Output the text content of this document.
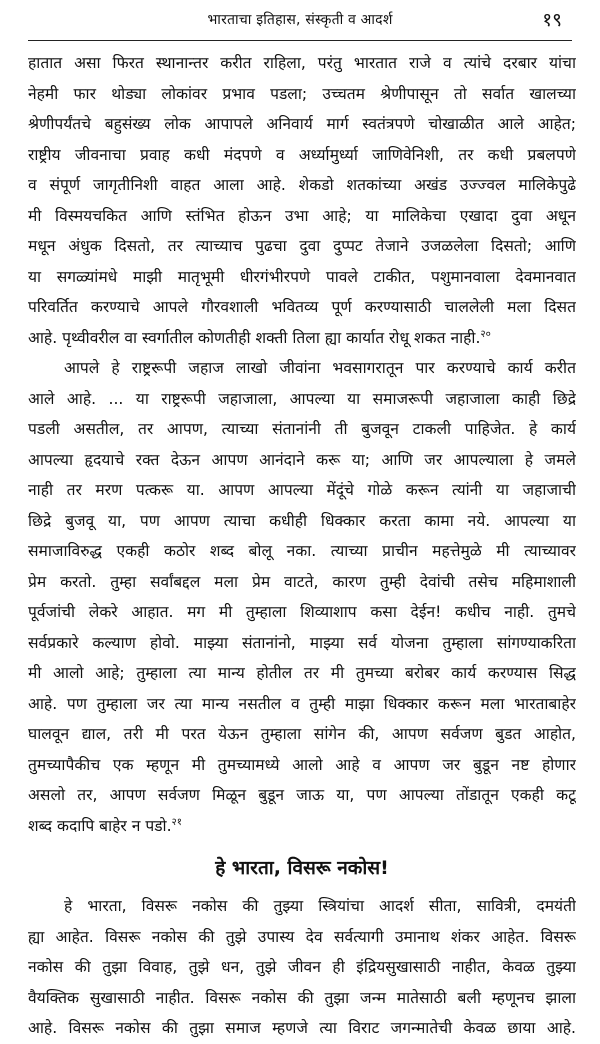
भारताचा इतिहास, संस्कृती व आदर्श	१९

हातात असा फिरत स्थानान्तर करीत राहिला, परंतु भारतात राजे व त्यांचे दरबार यांचा
नेहमी फार थोड्या लोकांवर प्रभाव पडला; उच्चतम श्रेणीपासून तो सर्वात खालच्या
श्रेणीपर्यंतचे बहुसंख्य लोक आपापले अनिवार्य मार्ग स्वतंत्रपणे चोखाळीत आले आहेत;
राष्ट्रीय जीवनाचा प्रवाह कधी मंदपणे व अर्ध्यामुर्ध्या जाणिवेनिशी, तर कधी प्रबलपणे
व संपूर्ण जागृतीनिशी वाहत आला आहे. शेकडो शतकांच्या अखंड उज्ज्वल मालिकेपुढे
मी विस्मयचकित आणि स्तंभित होऊन उभा आहे; या मालिकेचा एखादा दुवा अधून
मधून अंधुक दिसतो, तर त्याच्याच पुढचा दुवा दुप्पट तेजाने उजळलेला दिसतो; आणि
या सगळ्यांमधे माझी मातृभूमी धीरगंभीरपणे पावले टाकीत, पशुमानवाला देवमानवात
परिवर्तित करण्याचे आपले गौरवशाली भवितव्य पूर्ण करण्यासाठी चाललेली मला दिसत
आहे. पृथ्वीवरील वा स्वर्गातील कोणतीही शक्ती तिला ह्या कार्यात रोधू शकत नाही.$^{२०}$

आपले हे राष्ट्ररूपी जहाज लाखो जीवांना भवसागरातून पार करण्याचे कार्य करीत
आले आहे. ... या राष्ट्ररूपी जहाजाला, आपल्या या समाजरूपी जहाजाला काही छिद्रे
पडली असतील, तर आपण, त्याच्या संतानांनी ती बुजवून टाकली पाहिजेत. हे कार्य
आपल्या हृदयाचे रक्त देऊन आपण आनंदाने करू या; आणि जर आपल्याला हे जमले
नाही तर मरण पत्करू या. आपण आपल्या मेंदूंचे गोळे करून त्यांनी या जहाजाची
छिद्रे बुजवू या, पण आपण त्याचा कधीही धिक्कार करता कामा नये. आपल्या या
समाजाविरुद्ध एकही कठोर शब्द बोलू नका. त्याच्या प्राचीन महत्तेमुळे मी त्याच्यावर
प्रेम करतो. तुम्हा सर्वांबद्दल मला प्रेम वाटते, कारण तुम्ही देवांची तसेच महिमाशाली
पूर्वजांची लेकरे आहात. मग मी तुम्हाला शिव्याशाप कसा देईन! कधीच नाही. तुमचे
सर्वप्रकारे कल्याण होवो. माझ्या संतानांनो, माझ्या सर्व योजना तुम्हाला सांगण्याकरिता
मी आलो आहे; तुम्हाला त्या मान्य होतील तर मी तुमच्या बरोबर कार्य करण्यास सिद्ध
आहे. पण तुम्हाला जर त्या मान्य नसतील व तुम्ही माझा धिक्कार करून मला भारताबाहेर
घालवून द्याल, तरी मी परत येऊन तुम्हाला सांगेन की, आपण सर्वजण बुडत आहोत,
तुमच्यापैकीच एक म्हणून मी तुमच्यामध्ये आलो आहे व आपण जर बुडून नष्ट होणार
असलो तर, आपण सर्वजण मिळून बुडून जाऊ या, पण आपल्या तोंडातून एकही कटू
शब्द कदापि बाहेर न पडो.$^{२१}$

हे भारता, विसरू नकोस!

हे भारता, विसरू नकोस की तुझ्या स्त्रियांचा आदर्श सीता, सावित्री, दमयंती
ह्या आहेत. विसरू नकोस की तुझे उपास्य देव सर्वत्यागी उमानाथ शंकर आहेत. विसरू
नकोस की तुझा विवाह, तुझे धन, तुझे जीवन ही इंद्रियसुखासाठी नाहीत, केवळ तुझ्या
वैयक्तिक सुखासाठी नाहीत. विसरू नकोस की तुझा जन्म मातेसाठी बली म्हणूनच झाला
आहे. विसरू नकोस की तुझा समाज म्हणजे त्या विराट जगन्मातेची केवळ छाया आहे.
